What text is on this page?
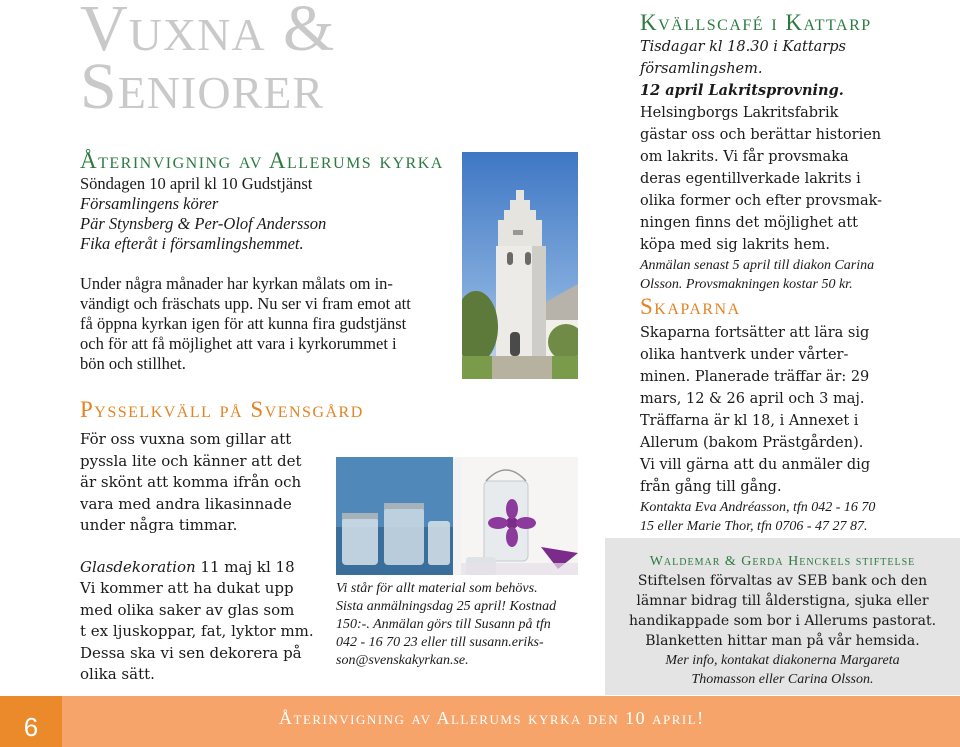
Vuxna &
Seniorer
Återinvigning av Allerums kyrka
Söndagen 10 april kl 10 Gudstjänst
Församlingens körer
Pär Stynsberg & Per-Olof Andersson
Fika efteråt i församlingshemmet.
Under några månader har kyrkan målats om in-
vändigt och fräschats upp. Nu ser vi fram emot att
få öppna kyrkan igen för att kunna fira gudstjänst
och för att få möjlighet att vara i kyrkorummet i
bön och stillhet.
Pysselkväll på Svensgård
För oss vuxna som gillar att
pyssla lite och känner att det
är skönt att komma ifrån och
vara med andra likasinnade
under några timmar.
Glasdekoration 11 maj kl 18
Vi kommer att ha dukat upp
med olika saker av glas som
t ex ljuskoppar, fat, lyktor mm.
Dessa ska vi sen dekorera på
olika sätt.
Vi står för allt material som behövs.
Sista anmälningsdag 25 april! Kostnad
150:-. Anmälan görs till Susann på tfn
042 - 16 70 23 eller till susann.eriks-
son@svenskakyrkan.se.
Kvällscafé i Kattarp
Tisdagar kl 18.30 i Kattarps
församlingshem.
12 april Lakritsprovning.
Helsingborgs Lakritsfabrik
gästar oss och berättar historien
om lakrits. Vi får provsmaka
deras egentillverkade lakrits i
olika former och efter provsmak-
ningen finns det möjlighet att
köpa med sig lakrits hem.
Anmälan senast 5 april till diakon Carina
Olsson. Provsmakningen kostar 50 kr.
Skaparna
Skaparna fortsätter att lära sig
olika hantverk under vårter-
minen. Planerade träffar är: 29
mars, 12 & 26 april och 3 maj.
Träffarna är kl 18, i Annexet i
Allerum (bakom Prästgården).
Vi vill gärna att du anmäler dig
från gång till gång.
Kontakta Eva Andréasson, tfn 042 - 16 70
15 eller Marie Thor, tfn 0706 - 47 27 87.
Waldemar & Gerda Henckels stiftelse
Stiftelsen förvaltas av SEB bank och den
lämnar bidrag till ålderstigna, sjuka eller
handikappade som bor i Allerums pastorat.
Blanketten hittar man på vår hemsida.
Mer info, kontakat diakonerna Margareta
Thomasson eller Carina Olsson.
6	Återinvigning av Allerums kyrka den 10 april!
